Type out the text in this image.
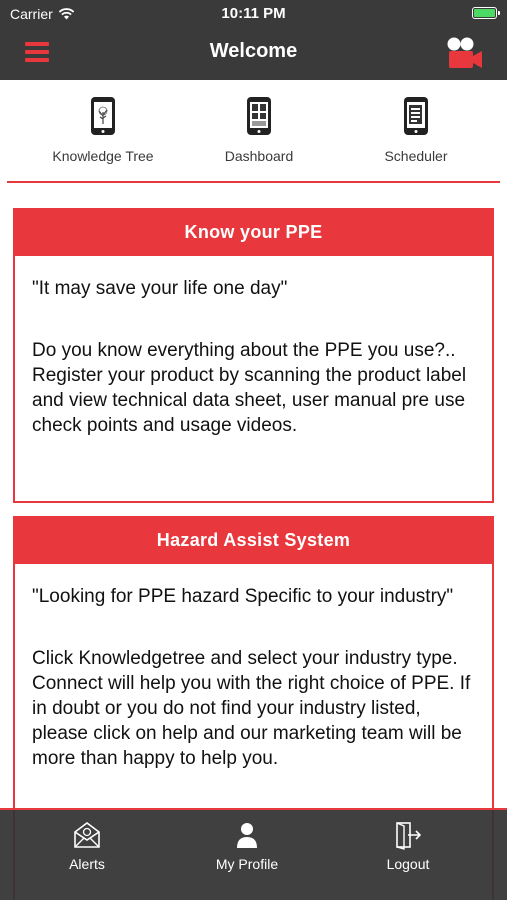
Carrier	10:11 PM
Welcome
Knowledge Tree	Dashboard	Scheduler
Know your PPE

"It may save your life one day"

Do you know everything about the PPE you use?.. Register your product by scanning the product label and view technical data sheet, user manual pre use check points and usage videos.

Hazard Assist System

"Looking for PPE hazard Specific to your industry"

Click Knowledgetree and select your industry type. Connect will help you with the right choice of PPE. If in doubt or you do not find your industry listed, please click on help and our marketing team will be more than happy to help you.

Alerts	My Profile	Logout
